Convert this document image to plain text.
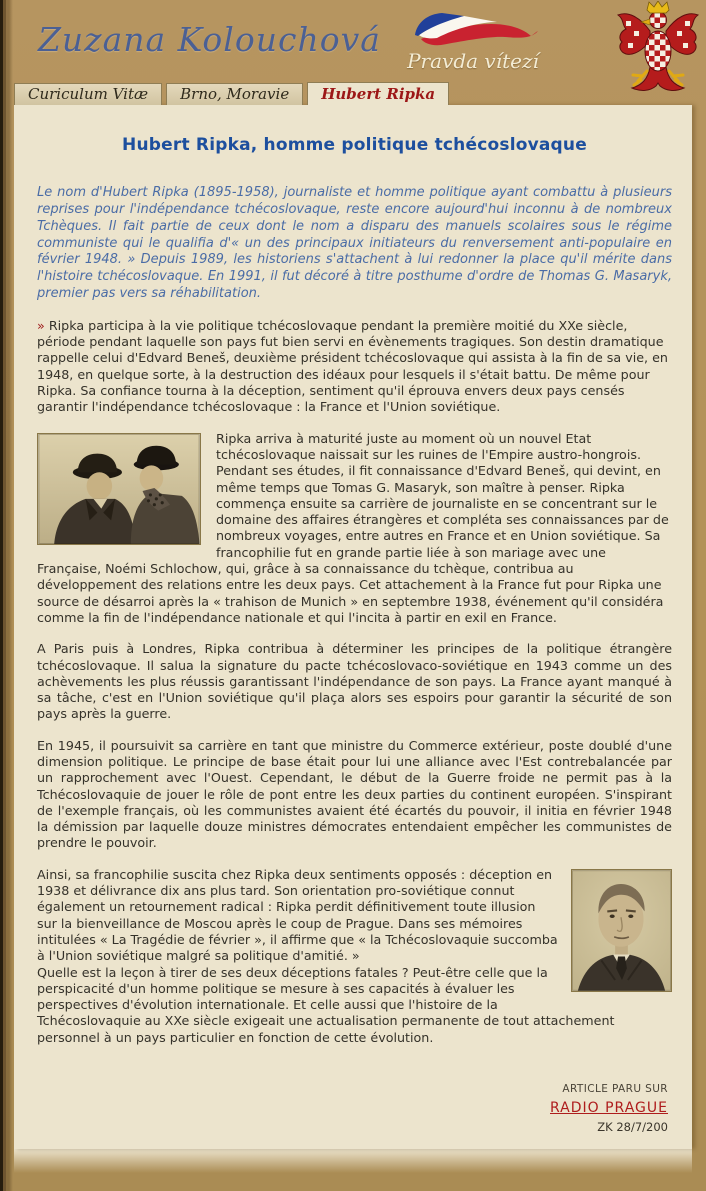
Zuzana Kolouchová
Pravda vítezí
Curiculum Vitæ	Brno, Moravie	Hubert Ripka
Hubert Ripka, homme politique tchécoslovaque

Le nom d'Hubert Ripka (1895-1958), journaliste et homme politique ayant combattu à plusieurs reprises pour l'indépendance tchécoslovaque, reste encore aujourd'hui inconnu à de nombreux Tchèques. Il fait partie de ceux dont le nom a disparu des manuels scolaires sous le régime communiste qui le qualifia d'« un des principaux initiateurs du renversement anti-populaire en février 1948. » Depuis 1989, les historiens s'attachent à lui redonner la place qu'il mérite dans l'histoire tchécoslovaque. En 1991, il fut décoré à titre posthume d'ordre de Thomas G. Masaryk, premier pas vers sa réhabilitation.

» Ripka participa à la vie politique tchécoslovaque pendant la première moitié du XXe siècle, période pendant laquelle son pays fut bien servi en évènements tragiques. Son destin dramatique rappelle celui d'Edvard Beneš, deuxième président tchécoslovaque qui assista à la fin de sa vie, en 1948, en quelque sorte, à la destruction des idéaux pour lesquels il s'était battu. De même pour Ripka. Sa confiance tourna à la déception, sentiment qu'il éprouva envers deux pays censés garantir l'indépendance tchécoslovaque : la France et l'Union soviétique.

Ripka arriva à maturité juste au moment où un nouvel Etat tchécoslovaque naissait sur les ruines de l'Empire austro-hongrois. Pendant ses études, il fit connaissance d'Edvard Beneš, qui devint, en même temps que Tomas G. Masaryk, son maître à penser. Ripka commença ensuite sa carrière de journaliste en se concentrant sur le domaine des affaires étrangères et compléta ses connaissances par de nombreux voyages, entre autres en France et en Union soviétique. Sa francophilie fut en grande partie liée à son mariage avec une Française, Noémi Schlochow, qui, grâce à sa connaissance du tchèque, contribua au développement des relations entre les deux pays. Cet attachement à la France fut pour Ripka une source de désarroi après la « trahison de Munich » en septembre 1938, événement qu'il considéra comme la fin de l'indépendance nationale et qui l'incita à partir en exil en France.

A Paris puis à Londres, Ripka contribua à déterminer les principes de la politique étrangère tchécoslovaque. Il salua la signature du pacte tchécoslovaco-soviétique en 1943 comme un des achèvements les plus réussis garantissant l'indépendance de son pays. La France ayant manqué à sa tâche, c'est en l'Union soviétique qu'il plaça alors ses espoirs pour garantir la sécurité de son pays après la guerre.

En 1945, il poursuivit sa carrière en tant que ministre du Commerce extérieur, poste doublé d'une dimension politique. Le principe de base était pour lui une alliance avec l'Est contrebalancée par un rapprochement avec l'Ouest. Cependant, le début de la Guerre froide ne permit pas à la Tchécoslovaquie de jouer le rôle de pont entre les deux parties du continent européen. S'inspirant de l'exemple français, où les communistes avaient été écartés du pouvoir, il initia en février 1948 la démission par laquelle douze ministres démocrates entendaient empêcher les communistes de prendre le pouvoir.

Ainsi, sa francophilie suscita chez Ripka deux sentiments opposés : déception en 1938 et délivrance dix ans plus tard. Son orientation pro-soviétique connut également un retournement radical : Ripka perdit définitivement toute illusion sur la bienveillance de Moscou après le coup de Prague. Dans ses mémoires intitulées « La Tragédie de février », il affirme que « la Tchécoslovaquie succomba à l'Union soviétique malgré sa politique d'amitié. »

Quelle est la leçon à tirer de ses deux déceptions fatales ? Peut-être celle que la perspicacité d'un homme politique se mesure à ses capacités à évaluer les perspectives d'évolution internationale. Et celle aussi que l'histoire de la Tchécoslovaquie au XXe siècle exigeait une actualisation permanente de tout attachement personnel à un pays particulier en fonction de cette évolution.

ARTICLE PARU SUR
RADIO PRAGUE
ZK 28/7/200
